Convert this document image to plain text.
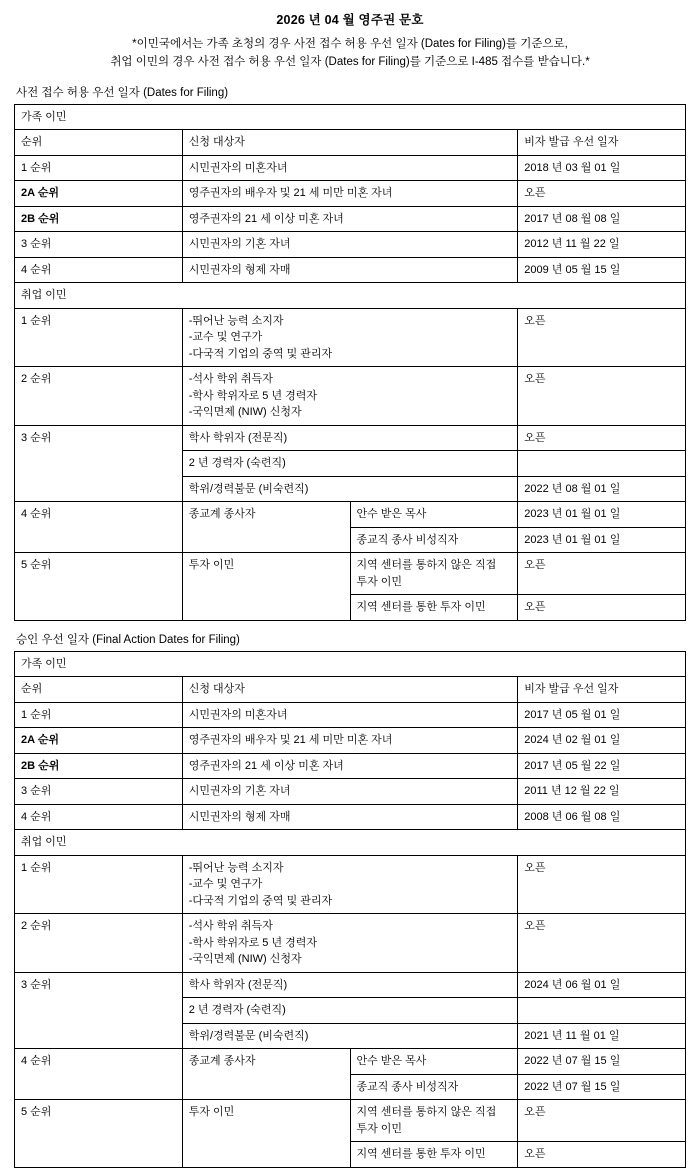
2026 년 04 월 영주권 문호
*이민국에서는 가족 초청의 경우 사전 접수 허용 우선 일자 (Dates for Filing)를 기준으로,
취업 이민의 경우 사전 접수 허용 우선 일자 (Dates for Filing)를 기준으로 I-485 접수를 받습니다.*
사전 접수 허용 우선 일자 (Dates for Filing)
가족 이민			
순위	신청 대상자		비자 발급 우선 일자
1 순위	시민권자의 미혼자녀		2018 년 03 월 01 일
2A 순위	영주권자의 배우자 및 21 세 미만 미혼 자녀		오픈
2B 순위	영주권자의 21 세 이상 미혼 자녀		2017 년 08 월 08 일
3 순위	시민권자의 기혼 자녀		2012 년 11 월 22 일
4 순위	시민권자의 형제 자매		2009 년 05 월 15 일
취업 이민			
1 순위	-뛰어난 능력 소지자
-교수 및 연구가
-다국적 기업의 중역 및 관리자		오픈
2 순위	-석사 학위 취득자
-학사 학위자로 5 년 경력자
-국익면제 (NIW) 신청자		오픈
3 순위	학사 학위자 (전문직)		오픈
	2 년 경력자 (숙련직)		
	학위/경력불문 (비숙련직)		2022 년 08 월 01 일
4 순위	종교계 종사자	안수 받은 목사	2023 년 01 월 01 일
		종교직 종사 비성직자	2023 년 01 월 01 일
5 순위	투자 이민	지역 센터를 통하지 않은 직접
투자 이민	오픈
		지역 센터를 통한 투자 이민	오픈
승인 우선 일자 (Final Action Dates for Filing)
가족 이민			
순위	신청 대상자		비자 발급 우선 일자
1 순위	시민권자의 미혼자녀		2017 년 05 월 01 일
2A 순위	영주권자의 배우자 및 21 세 미만 미혼 자녀		2024 년 02 월 01 일
2B 순위	영주권자의 21 세 이상 미혼 자녀		2017 년 05 월 22 일
3 순위	시민권자의 기혼 자녀		2011 년 12 월 22 일
4 순위	시민권자의 형제 자매		2008 년 06 월 08 일
취업 이민			
1 순위	-뛰어난 능력 소지자
-교수 및 연구가
-다국적 기업의 중역 및 관리자		오픈
2 순위	-석사 학위 취득자
-학사 학위자로 5 년 경력자
-국익면제 (NIW) 신청자		오픈
3 순위	학사 학위자 (전문직)		2024 년 06 월 01 일
	2 년 경력자 (숙련직)		
	학위/경력불문 (비숙련직)		2021 년 11 월 01 일
4 순위	종교계 종사자	안수 받은 목사	2022 년 07 월 15 일
		종교직 종사 비성직자	2022 년 07 월 15 일
5 순위	투자 이민	지역 센터를 통하지 않은 직접
투자 이민	오픈
		지역 센터를 통한 투자 이민	오픈
